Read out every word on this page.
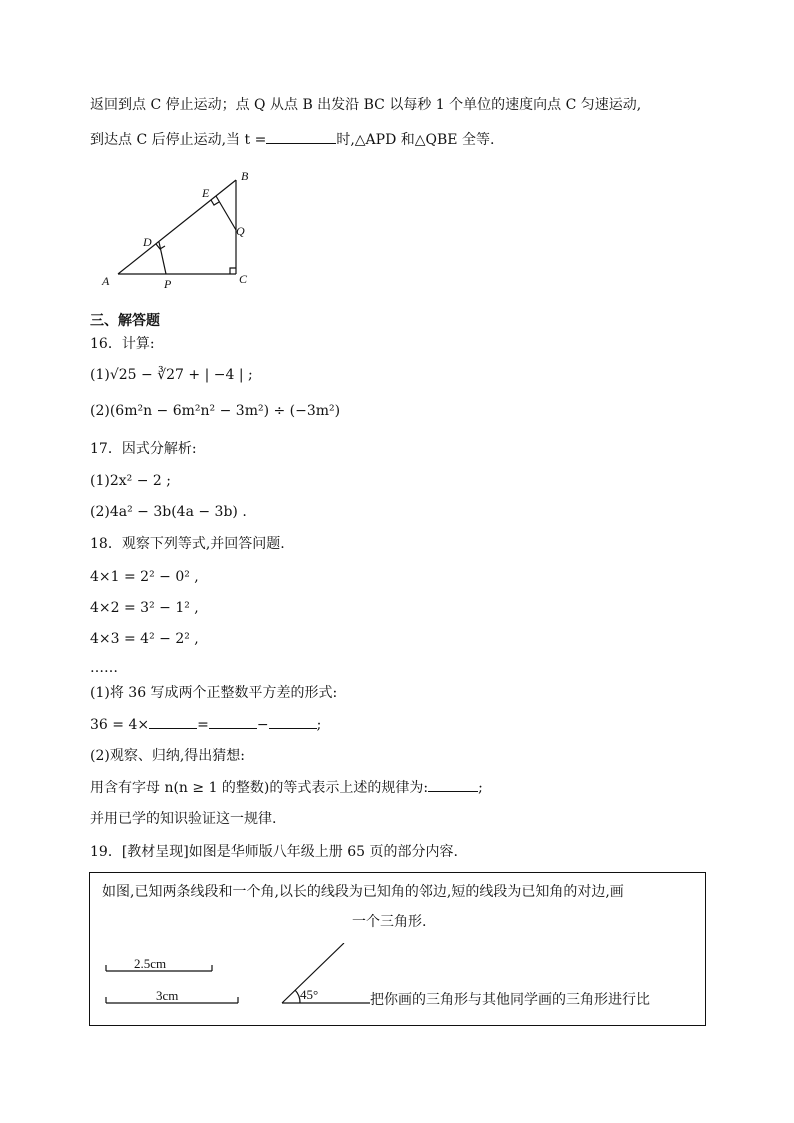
返回到点 C 停止运动；点 Q 从点 B 出发沿 BC 以每秒 1 个单位的速度向点 C 匀速运动,
到达点 C 后停止运动,当 t =	时,△APD 和△QBE 全等.
A
B
C
D
E
P
Q
三、解答题
16．计算:
(1)√25 − ∛27 + | −4 | ;
(2)(6m²n − 6m²n² − 3m²) ÷ (−3m²)
17．因式分解析:
(1)2x² − 2 ;
(2)4a² − 3b(4a − 3b) .
18．观察下列等式,并回答问题.
4×1 = 2² − 0² ,
4×2 = 3² − 1² ,
4×3 = 4² − 2² ,
……
(1)将 36 写成两个正整数平方差的形式:
36 = 4×	=	−	;
(2)观察、归纳,得出猜想:
用含有字母 n(n ≥ 1 的整数)的等式表示上述的规律为:	;
并用已学的知识验证这一规律.
19．[教材呈现]如图是华师版八年级上册 65 页的部分内容.
如图,已知两条线段和一个角,以长的线段为已知角的邻边,短的线段为已知角的对边,画
一个三角形.
2.5cm
3cm	45°	把你画的三角形与其他同学画的三角形进行比
